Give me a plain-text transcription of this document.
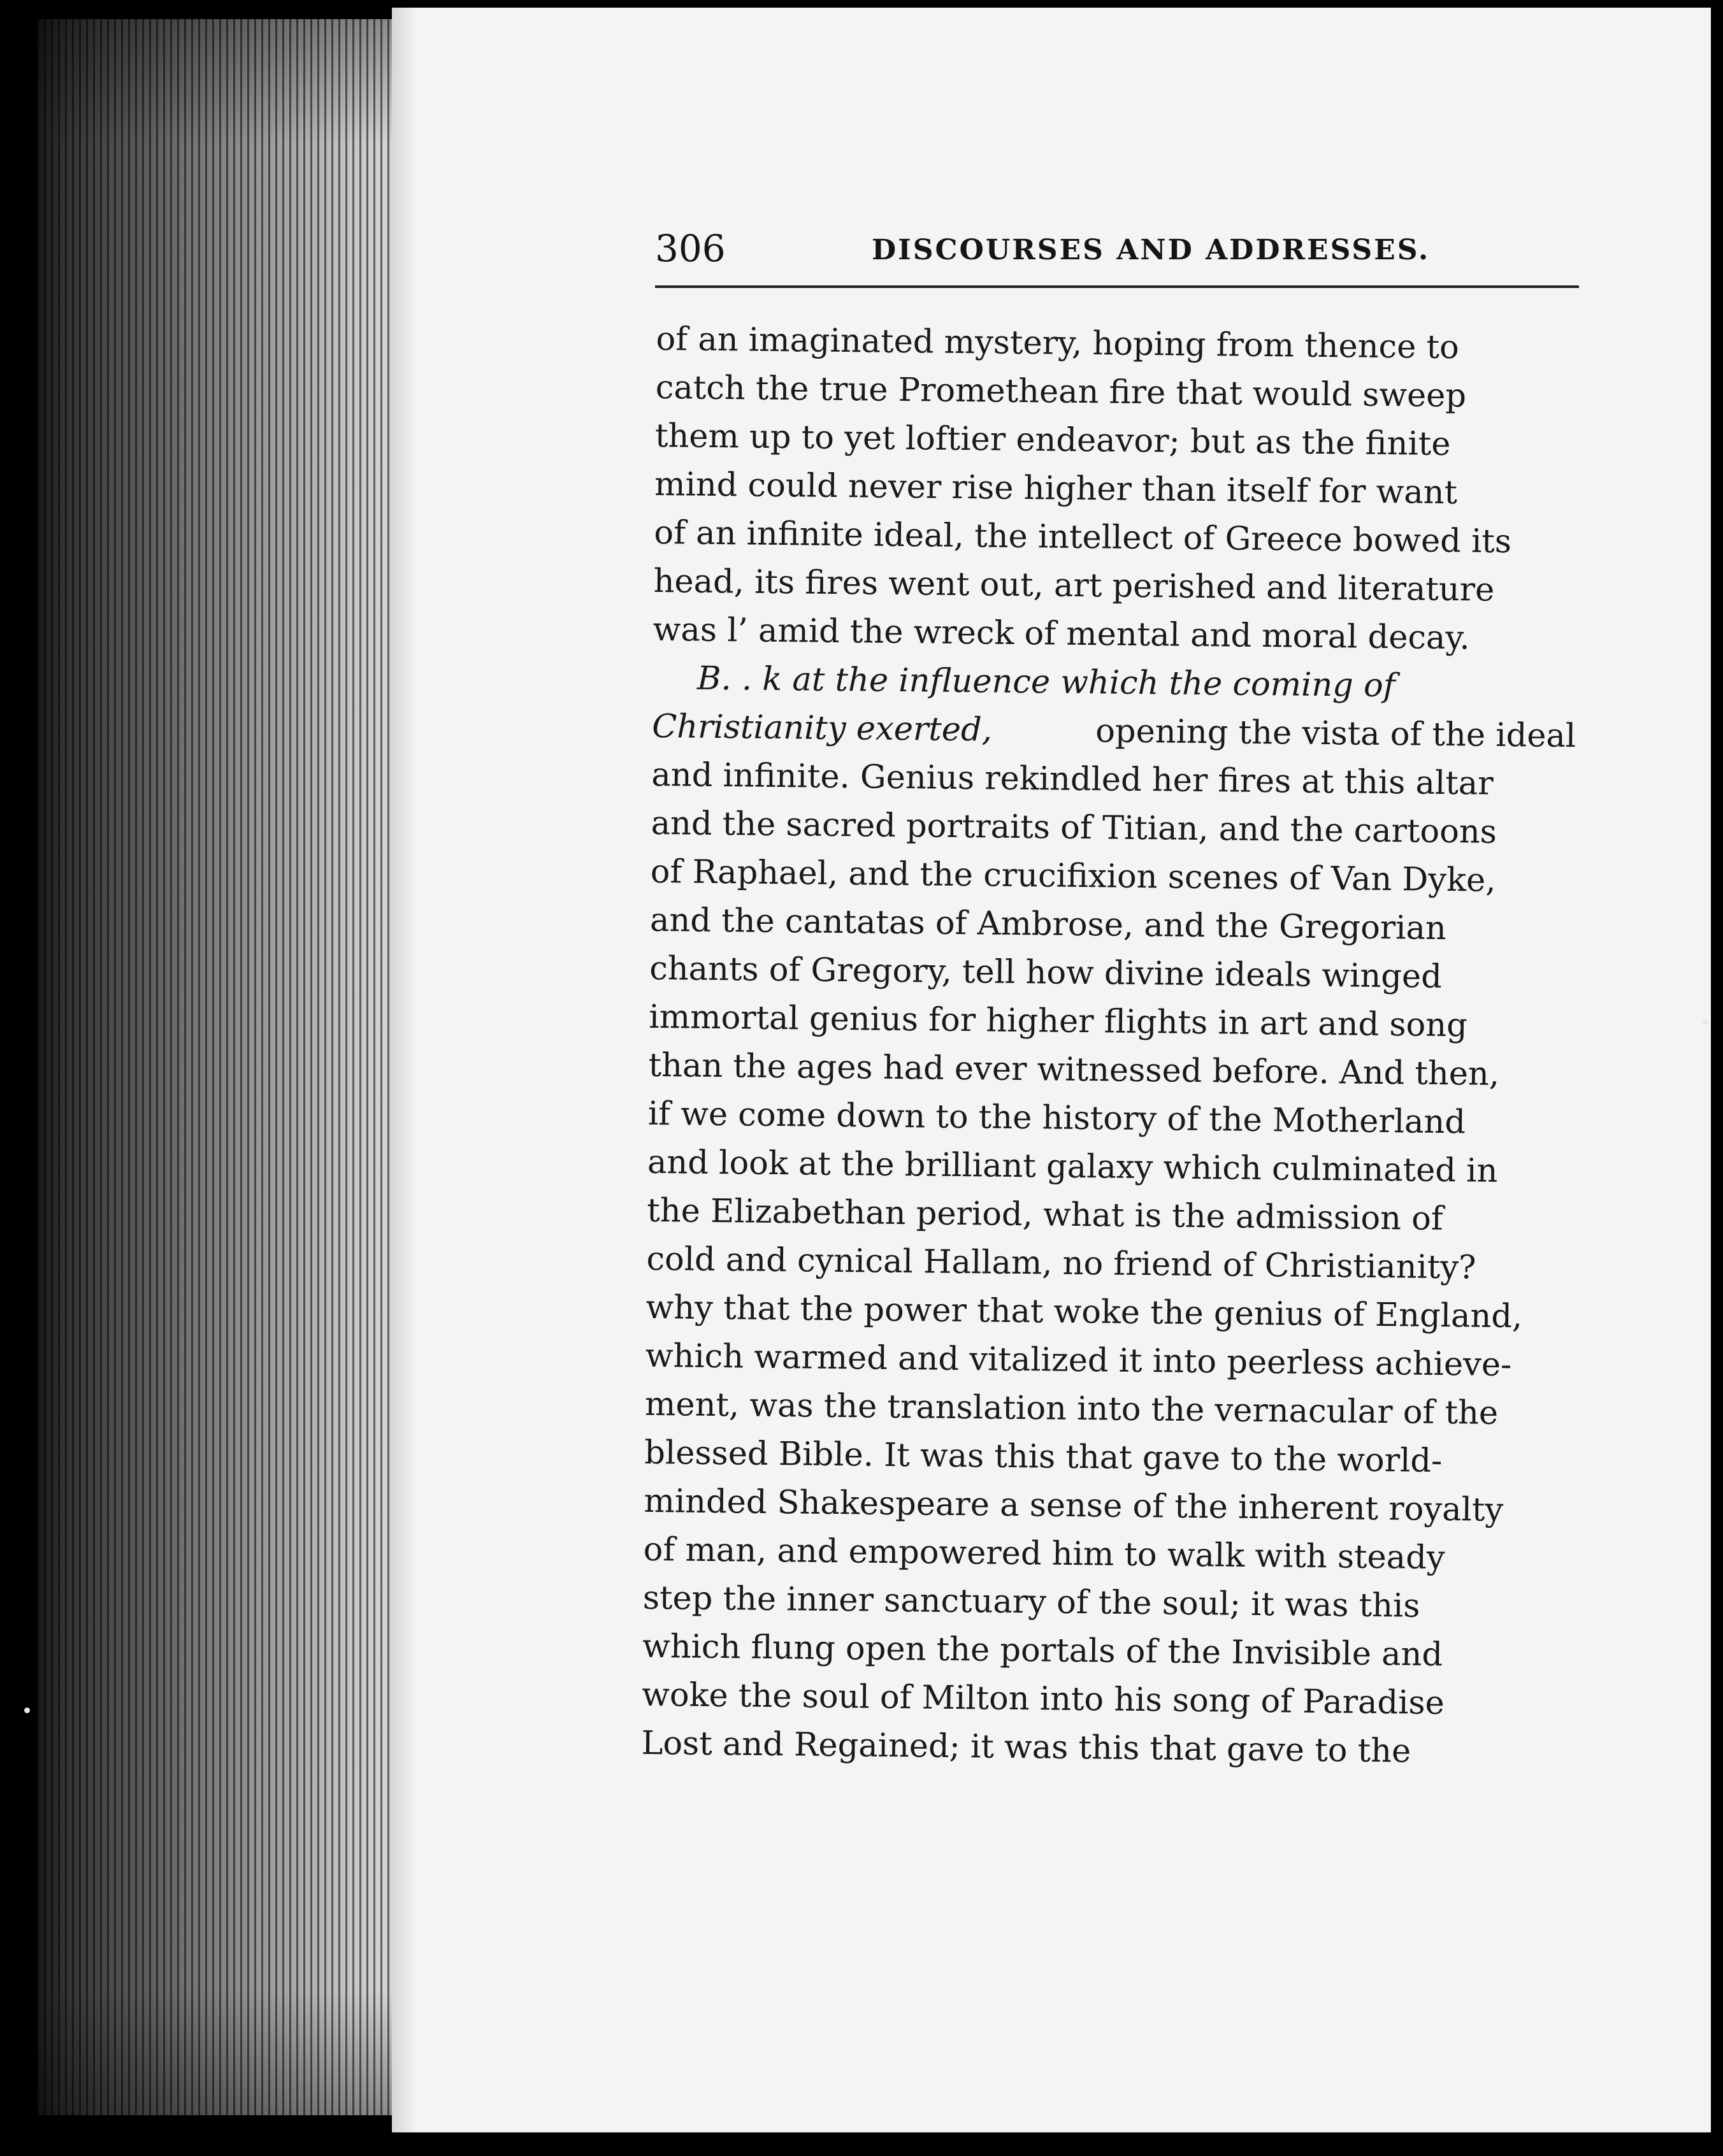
306	DISCOURSES AND ADDRESSES.
of an imaginated mystery, hoping from thence to
catch the true Promethean fire that would sweep
them up to yet loftier endeavor; but as the finite
mind could never rise higher than itself for want
of an infinite ideal, the intellect of Greece bowed its
head, its fires went out, art perished and literature
was l’ amid the wreck of mental and moral decay.
B. . k at the influence which the coming of
Christianity exerted,	opening the vista of the ideal
and infinite. Genius rekindled her fires at this altar
and the sacred portraits of Titian, and the cartoons
of Raphael, and the crucifixion scenes of Van Dyke,
and the cantatas of Ambrose, and the Gregorian
chants of Gregory, tell how divine ideals winged
immortal genius for higher flights in art and song
than the ages had ever witnessed before. And then,
if we come down to the history of the Motherland
and look at the brilliant galaxy which culminated in
the Elizabethan period, what is the admission of
cold and cynical Hallam, no friend of Christianity?
why that the power that woke the genius of England,
which warmed and vitalized it into peerless achieve-
ment, was the translation into the vernacular of the
blessed Bible. It was this that gave to the world-
minded Shakespeare a sense of the inherent royalty
of man, and empowered him to walk with steady
step the inner sanctuary of the soul; it was this
which flung open the portals of the Invisible and
woke the soul of Milton into his song of Paradise
Lost and Regained; it was this that gave to the
